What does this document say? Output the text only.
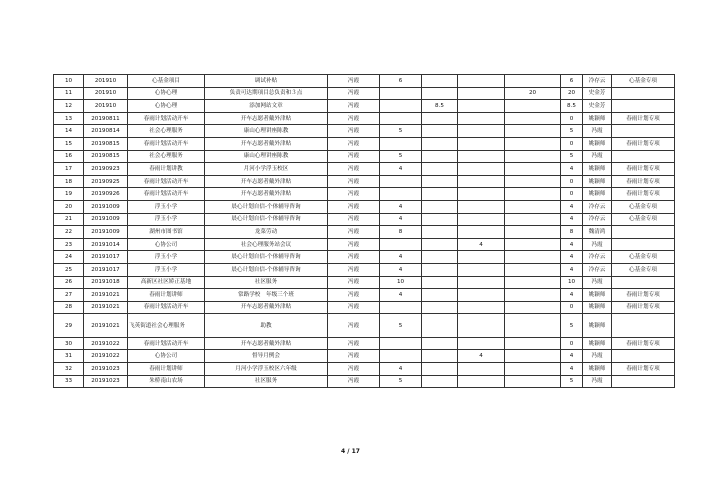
10	201910	心基金项目	调试补贴	冯霞	6				6	冷存云	心基金专项
11	201910	心协心理	负责可达期项目总负责和３点	冯霞				20	20	史金芳	
12	201910	心协心理	添加网站文章	冯霞		8.5			8.5	史金芳	
13	20190811	春雨计划活动开车	开车志愿者戴外津贴	冯霞					0	姚颖师	春雨计划专项
14	20190814	社会心理服务	康山心理讲座陈教	冯霞	5				5	冯霞	
15	20190815	春雨计划活动开车	开车志愿者戴外津贴	冯霞					0	姚颖师	春雨计划专项
16	20190815	社会心理服务	康山心理讲座陈教	冯霞	5				5	冯霞	
17	20190923	春雨计划讲教	月河小学浮玉校区	冯霞	4				4	姚颖师	春雨计划专项
18	20190925	春雨计划活动开车	开车志愿者戴外津贴	冯霞					0	姚颖师	春雨计划专项
19	20190926	春雨计划活动开车	开车志愿者戴外津贴	冯霞					0	姚颖师	春雨计划专项
20	20191009	浮玉小学	晨心计划自信-个体辅导咨询	冯霞	4				4	冷存云	心基金专项
21	20191009	浮玉小学	晨心计划自信-个体辅导咨询	冯霞	4				4	冷存云	心基金专项
22	20191009	湖州市图书馆	龙菜劳动	冯霞	8				8	魏清鸿	
23	20191014	心协公司	社会心理服务站会议	冯霞			4		4	冯霞	
24	20191017	浮玉小学	晨心计划自信-个体辅导咨询	冯霞	4				4	冷存云	心基金专项
25	20191017	浮玉小学	晨心计划自信-个体辅导咨询	冯霞	4				4	冷存云	心基金专项
26	20191018	高新区社区矫正基地	社区服务	冯霞	10				10	冯霞	
27	20191021	春雨计划讲师	常路学校　年级三个班	冯霞	4				4	姚颖师	春雨计划专项
28	20191021	春雨计划活动开车	开车志愿者戴外津贴	冯霞					0	姚颖师	春雨计划专项
29	20191021	飞英街道社会心理服务	助教	冯霞	5				5	姚颖师	
30	20191022	春雨计划活动开车	开车志愿者戴外津贴	冯霞					0	姚颖师	春雨计划专项
31	20191022	心协公司	督导月例会	冯霞			4		4	冯霞	
32	20191023	春雨计划讲师	月河小学浮玉校区六年级	冯霞	4				4	姚颖师	春雨计划专项
33	20191023	朱桥南山农场	社区服务	冯霞	5				5	冯霞	
4 / 17
